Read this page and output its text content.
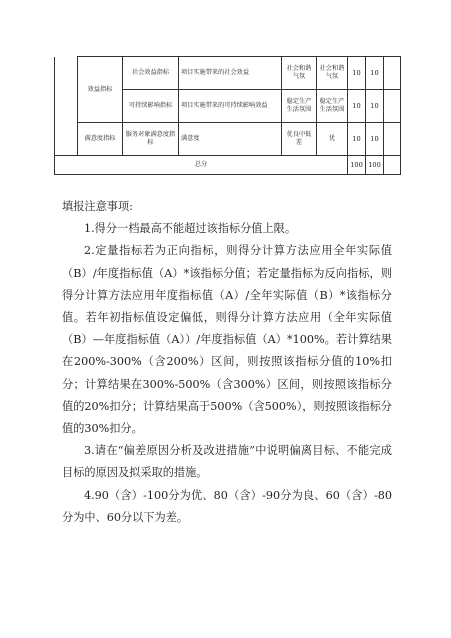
	效益指标	社会效益指标	项目实施带来的社会效益	社会和谐气氛	社会和谐气氛	10	10	
		可持续影响指标	项目实施带来的可持续影响效益	稳定生产生活氛围	稳定生产生活氛围	10	10	
	满意度指标	服务对象满意度指标	满意度	优良中低差	优	10	10	
总分						100	100	
填报注意事项:

1.得分一档最高不能超过该指标分值上限。

2.定量指标若为正向指标，则得分计算方法应用全年实际值（B）/年度指标值（A）*该指标分值；若定量指标为反向指标，则得分计算方法应用年度指标值（A）/全年实际值（B）*该指标分值。若年初指标值设定偏低，则得分计算方法应用（全年实际值（B）—年度指标值（A））/年度指标值（A）*100%。若计算结果在200%-300%（含200%）区间，则按照该指标分值的10%扣分；计算结果在300%-500%（含300%）区间，则按照该指标分值的20%扣分；计算结果高于500%（含500%），则按照该指标分值的30%扣分。

3.请在“偏差原因分析及改进措施”中说明偏离目标、不能完成目标的原因及拟采取的措施。

4.90（含）-100分为优、80（含）-90分为良、60（含）-80分为中、60分以下为差。
